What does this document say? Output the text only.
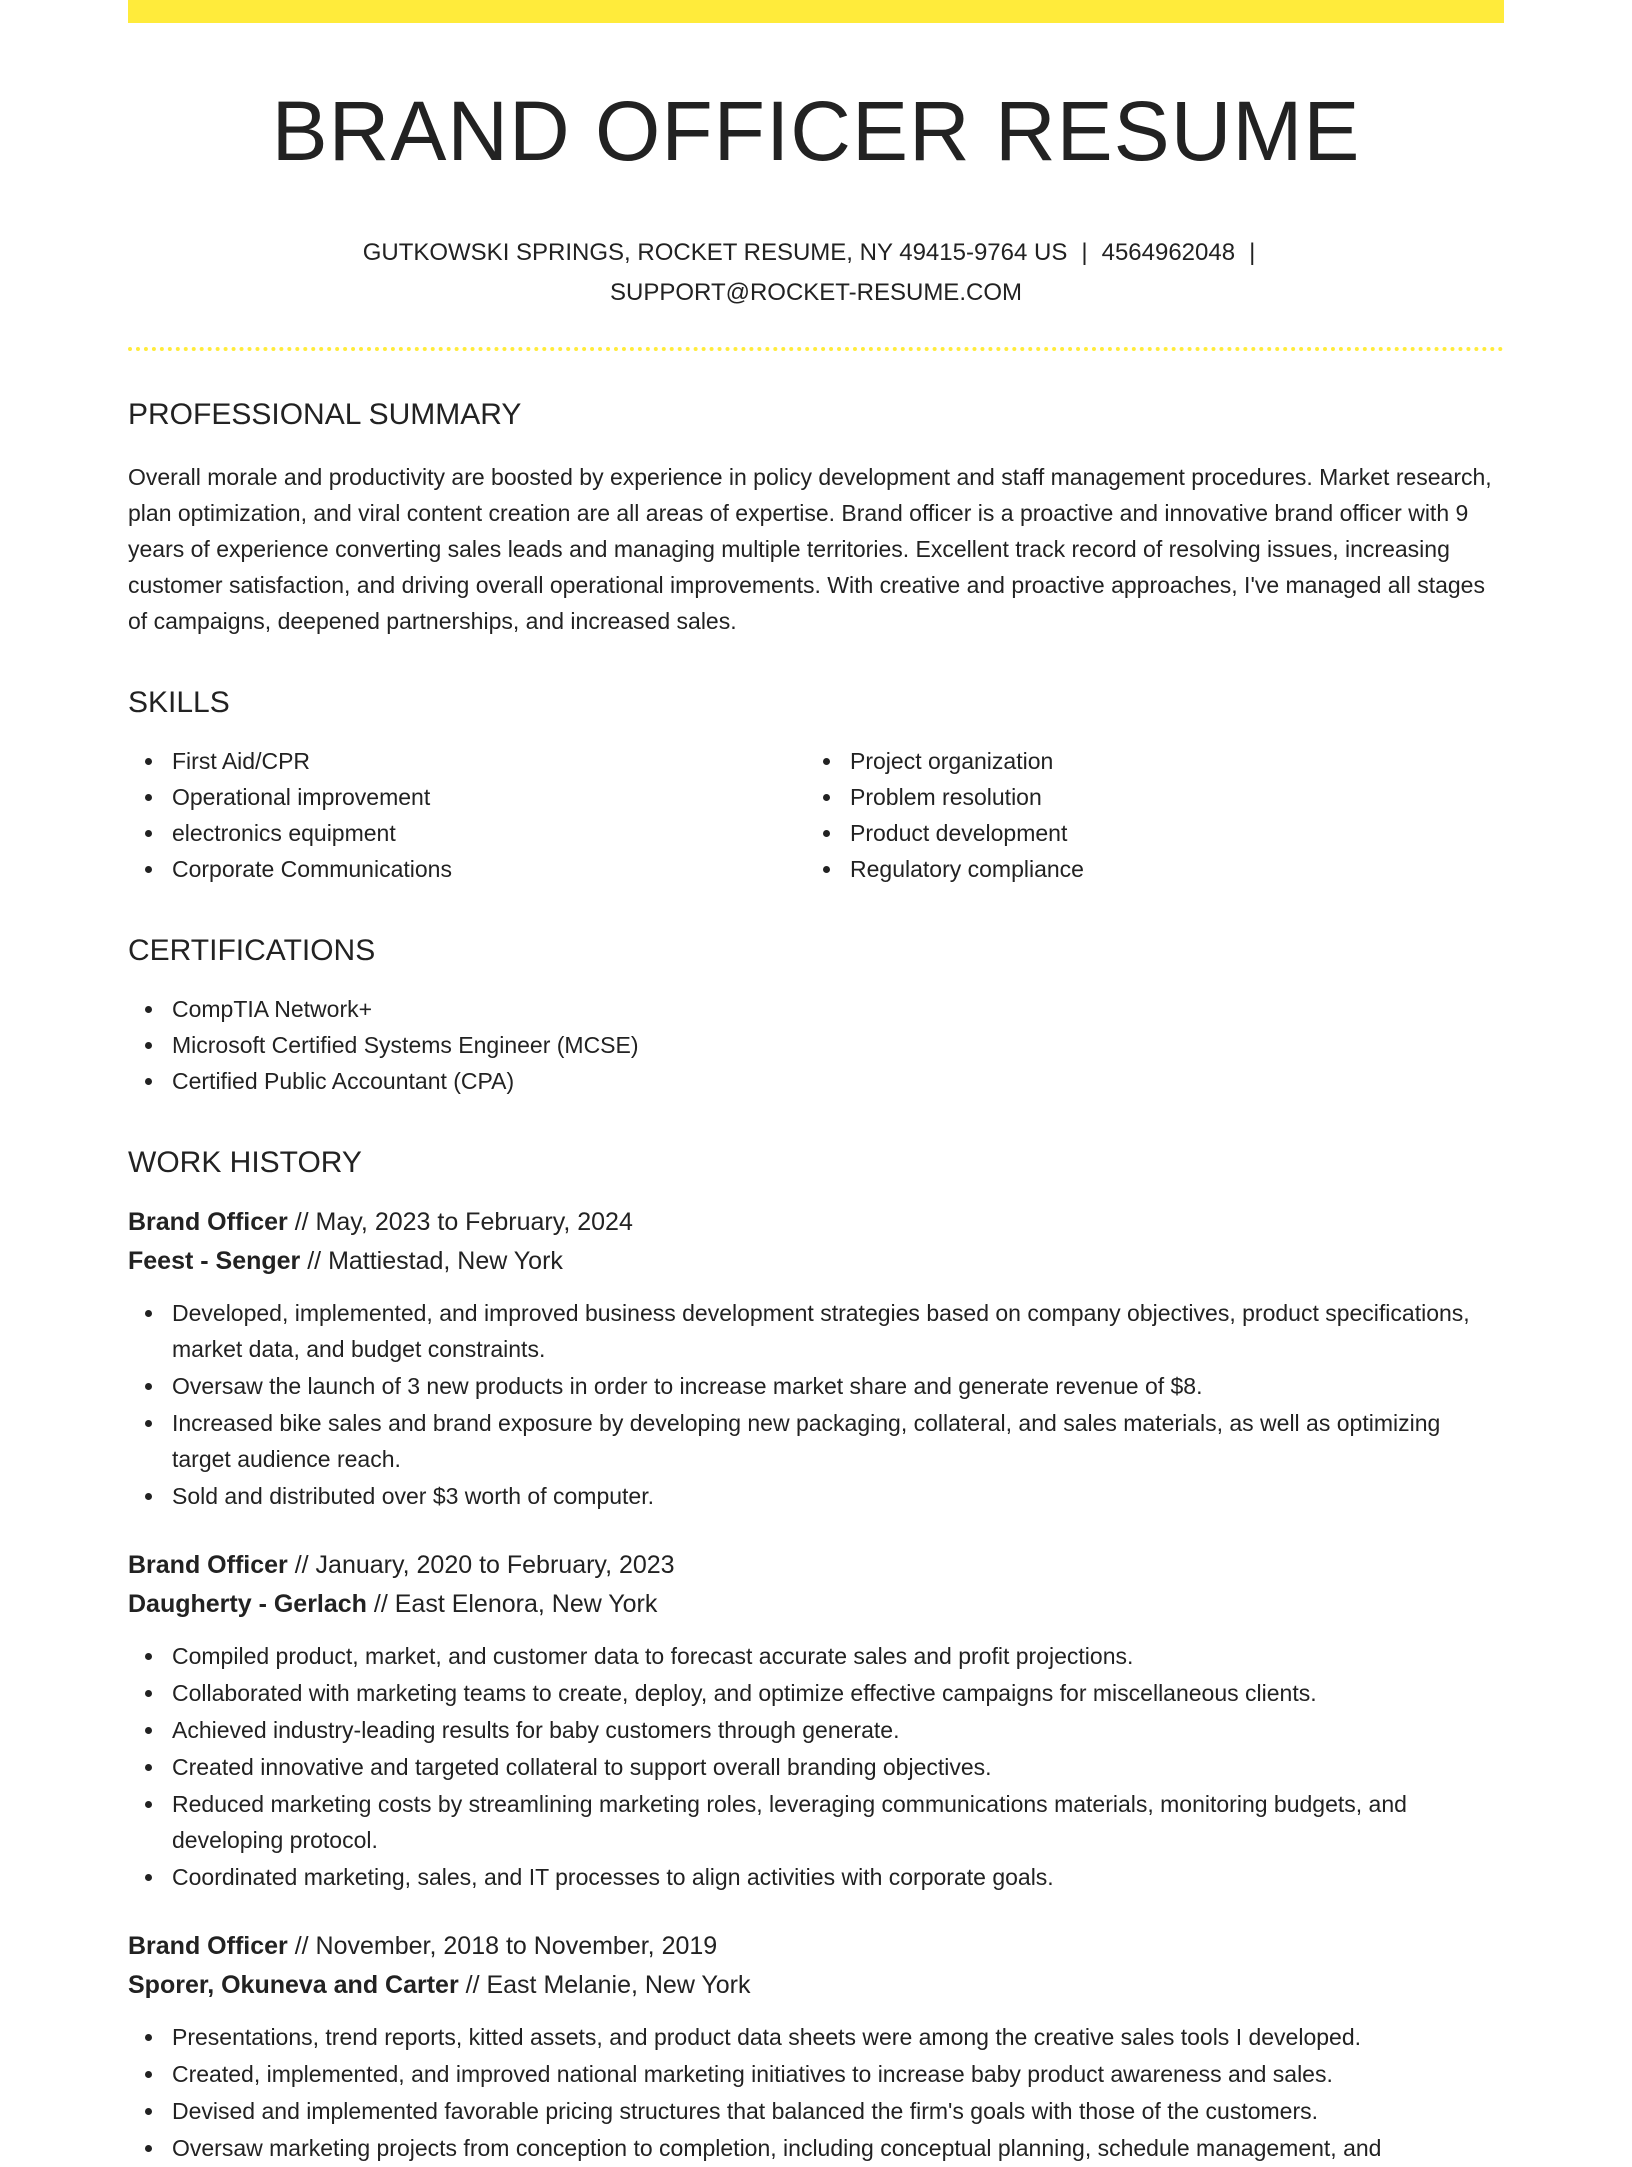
BRAND OFFICER RESUME
GUTKOWSKI SPRINGS, ROCKET RESUME, NY 49415-9764 US | 4564962048 |
SUPPORT@ROCKET-RESUME.COM
PROFESSIONAL SUMMARY

Overall morale and productivity are boosted by experience in policy development and staff management procedures. Market research, plan optimization, and viral content creation are all areas of expertise. Brand officer is a proactive and innovative brand officer with 9 years of experience converting sales leads and managing multiple territories. Excellent track record of resolving issues, increasing customer satisfaction, and driving overall operational improvements. With creative and proactive approaches, I've managed all stages of campaigns, deepened partnerships, and increased sales.

SKILLS
First Aid/CPR
Operational improvement
electronics equipment
Corporate Communications
Project organization
Problem resolution
Product development
Regulatory compliance
CERTIFICATIONS
CompTIA Network+
Microsoft Certified Systems Engineer (MCSE)
Certified Public Accountant (CPA)
WORK HISTORY
Brand Officer // May, 2023 to February, 2024
Feest - Senger // Mattiestad, New York
Developed, implemented, and improved business development strategies based on company objectives, product specifications, market data, and budget constraints.
Oversaw the launch of 3 new products in order to increase market share and generate revenue of $8.
Increased bike sales and brand exposure by developing new packaging, collateral, and sales materials, as well as optimizing target audience reach.
Sold and distributed over $3 worth of computer.
Brand Officer // January, 2020 to February, 2023
Daugherty - Gerlach // East Elenora, New York
Compiled product, market, and customer data to forecast accurate sales and profit projections.
Collaborated with marketing teams to create, deploy, and optimize effective campaigns for miscellaneous clients.
Achieved industry-leading results for baby customers through generate.
Created innovative and targeted collateral to support overall branding objectives.
Reduced marketing costs by streamlining marketing roles, leveraging communications materials, monitoring budgets, and developing protocol.
Coordinated marketing, sales, and IT processes to align activities with corporate goals.
Brand Officer // November, 2018 to November, 2019
Sporer, Okuneva and Carter // East Melanie, New York
Presentations, trend reports, kitted assets, and product data sheets were among the creative sales tools I developed.
Created, implemented, and improved national marketing initiatives to increase baby product awareness and sales.
Devised and implemented favorable pricing structures that balanced the firm's goals with those of the customers.
Oversaw marketing projects from conception to completion, including conceptual planning, schedule management, and
